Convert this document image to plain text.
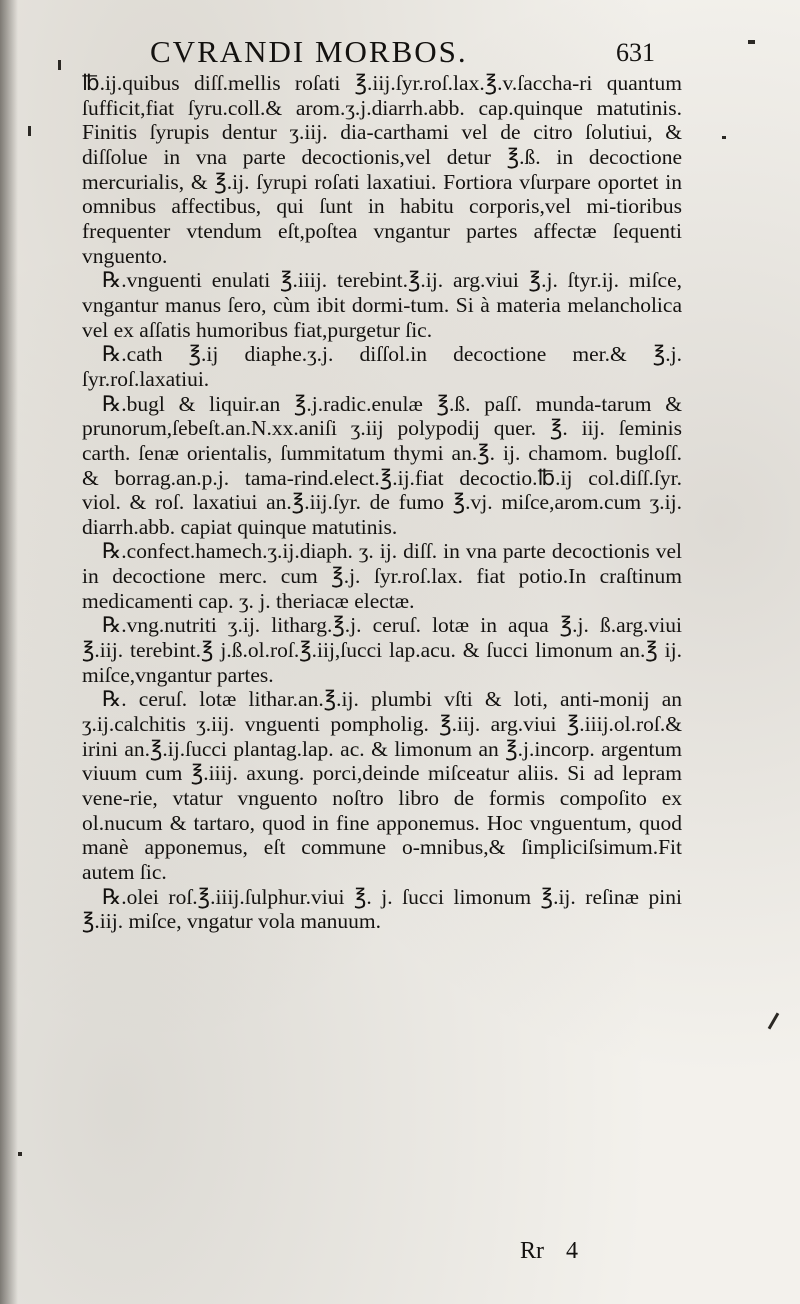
CVRANDI MORBOS.	631

℔.ij.quibus diſſ.mellis roſati ℥.iij.ſyr.roſ.lax.℥.v.ſaccha-ri quantum ſufficit,fiat ſyru.coll.& arom.ʒ.j.diarrh.abb. cap.quinque matutinis. Finitis ſyrupis dentur ʒ.iij. dia-carthami vel de citro ſolutiui, & diſſolue in vna parte decoctionis,vel detur ℥.ß. in decoctione mercurialis, & ℥.ij. ſyrupi roſati laxatiui. Fortiora vſurpare oportet in omnibus affectibus, qui ſunt in habitu corporis,vel mi-tioribus frequenter vtendum eſt,poſtea vngantur partes affectæ ſequenti vnguento.

℞.vnguenti enulati ℥.iiij. terebint.℥.ij. arg.viui ℥.j. ſtyr.ij. miſce, vngantur manus ſero, cùm ibit dormi-tum. Si à materia melancholica vel ex aſſatis humoribus fiat,purgetur ſic.

℞.cath ℥.ij diaphe.ʒ.j. diſſol.in decoctione mer.& ℥.j. ſyr.roſ.laxatiui.

℞.bugl & liquir.an ℥.j.radic.enulæ ℥.ß. paſſ. munda-tarum & prunorum,ſebeſt.an.N.xx.aniſi ʒ.iij polypodij quer. ℥. iij. ſeminis carth. ſenæ orientalis, ſummitatum thymi an.℥. ij. chamom. bugloſſ. & borrag.an.p.j. tama-rind.elect.℥.ij.fiat decoctio.℔.ij col.diſſ.ſyr. viol. & roſ. laxatiui an.℥.iij.ſyr. de fumo ℥.vj. miſce,arom.cum ʒ.ij. diarrh.abb. capiat quinque matutinis.

℞.confect.hamech.ʒ.ij.diaph. ʒ. ij. diſſ. in vna parte decoctionis vel in decoctione merc. cum ℥.j. ſyr.roſ.lax. fiat potio.In craſtinum medicamenti cap. ʒ. j. theriacæ electæ.

℞.vng.nutriti ʒ.ij. litharg.℥.j. ceruſ. lotæ in aqua ℥.j. ß.arg.viui ℥.iij. terebint.℥ j.ß.ol.roſ.℥.iij,ſucci lap.acu. & ſucci limonum an.℥ ij. miſce,vngantur partes.

℞. ceruſ. lotæ lithar.an.℥.ij. plumbi vſti & loti, anti-monij an ʒ.ij.calchitis ʒ.iij. vnguenti pompholig. ℥.iij. arg.viui ℥.iiij.ol.roſ.& irini an.℥.ij.ſucci plantag.lap. ac. & limonum an ℥.j.incorp. argentum viuum cum ℥.iiij. axung. porci,deinde miſceatur aliis. Si ad lepram vene-rie, vtatur vnguento noſtro libro de formis compoſito ex ol.nucum & tartaro, quod in fine apponemus. Hoc vnguentum, quod manè apponemus, eſt commune o-mnibus,& ſimpliciſsimum.Fit autem ſic.

℞.olei roſ.℥.iiij.ſulphur.viui ℥. j. ſucci limonum ℥.ij. reſinæ pini ℥.iij. miſce, vngatur vola manuum.

Rr 4
